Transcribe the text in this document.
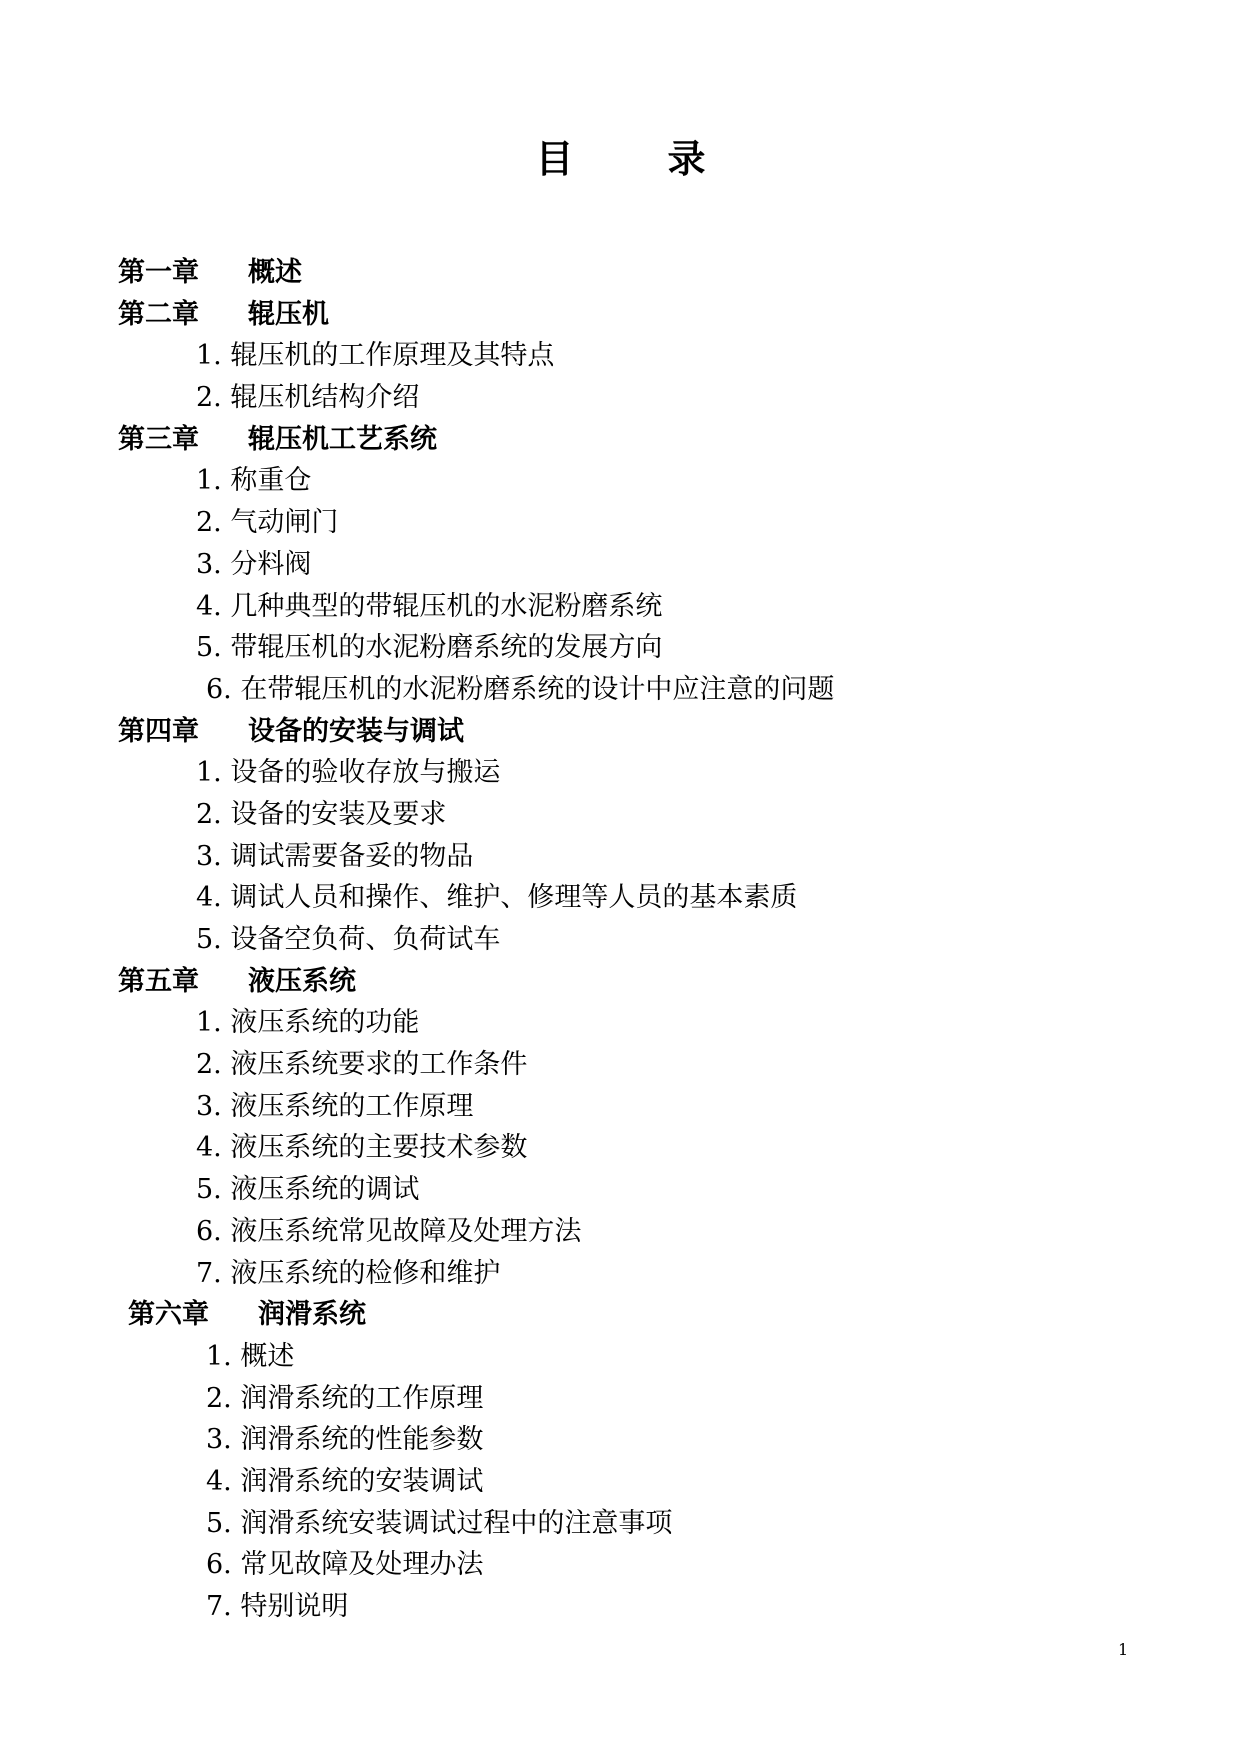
目　录
第一章 概述
第二章 辊压机
1. 辊压机的工作原理及其特点
2. 辊压机结构介绍
第三章 辊压机工艺系统
1. 称重仓
2. 气动闸门
3. 分料阀
4. 几种典型的带辊压机的水泥粉磨系统
5. 带辊压机的水泥粉磨系统的发展方向
6. 在带辊压机的水泥粉磨系统的设计中应注意的问题
第四章 设备的安装与调试
1. 设备的验收存放与搬运
2. 设备的安装及要求
3. 调试需要备妥的物品
4. 调试人员和操作、维护、修理等人员的基本素质
5. 设备空负荷、负荷试车
第五章 液压系统
1. 液压系统的功能
2. 液压系统要求的工作条件
3. 液压系统的工作原理
4. 液压系统的主要技术参数
5. 液压系统的调试
6. 液压系统常见故障及处理方法
7. 液压系统的检修和维护
第六章 润滑系统
1. 概述
2. 润滑系统的工作原理
3. 润滑系统的性能参数
4. 润滑系统的安装调试
5. 润滑系统安装调试过程中的注意事项
6. 常见故障及处理办法
7. 特别说明
1
